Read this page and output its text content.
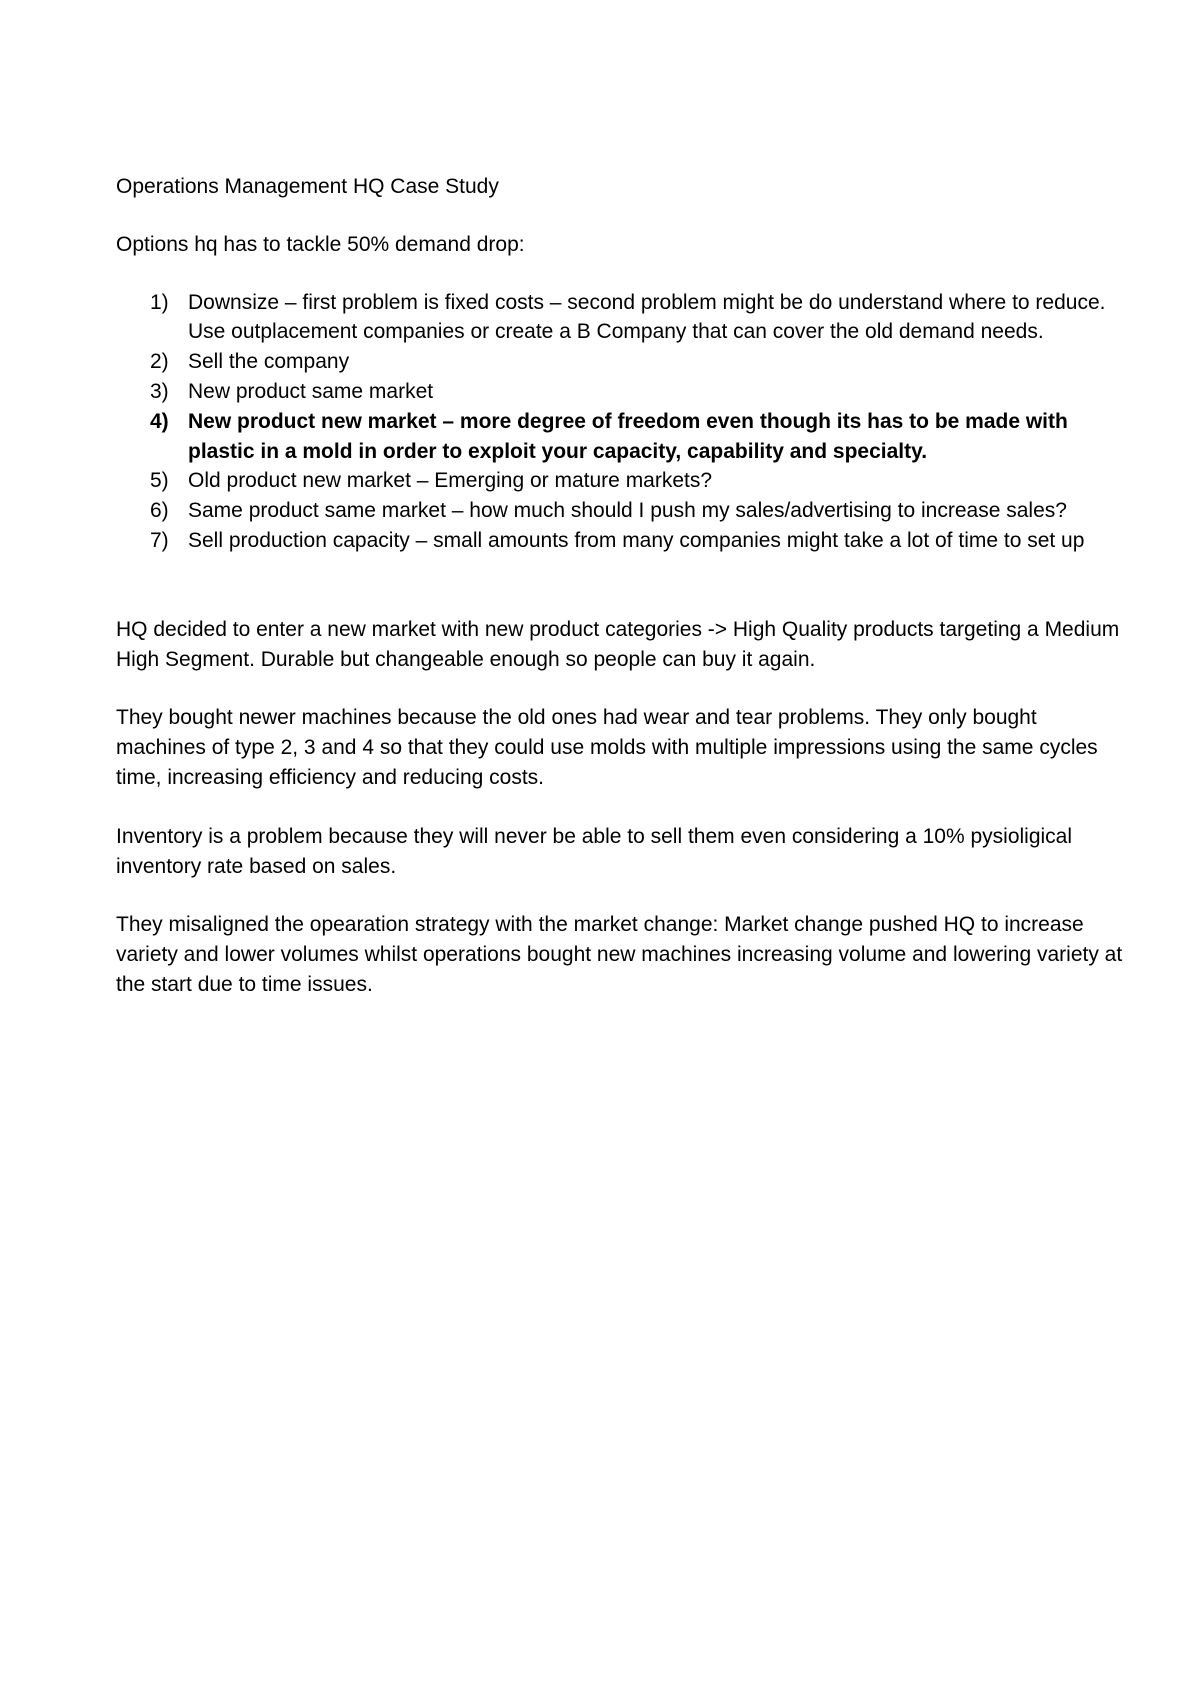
Operations Management HQ Case Study
Options hq has to tackle 50% demand drop:
1) Downsize – first problem is fixed costs – second problem might be do understand where to reduce. Use outplacement companies or create a B Company that can cover the old demand needs.
2) Sell the company
3) New product same market
4) New product new market – more degree of freedom even though its has to be made with plastic in a mold in order to exploit your capacity, capability and specialty.
5) Old product new market – Emerging or mature markets?
6) Same product same market – how much should I push my sales/advertising to increase sales?
7) Sell production capacity – small amounts from many companies might take a lot of time to set up

HQ decided to enter a new market with new product categories -> High Quality products targeting a Medium High Segment. Durable but changeable enough so people can buy it again.

They bought newer machines because the old ones had wear and tear problems. They only bought machines of type 2, 3 and 4 so that they could use molds with multiple impressions using the same cycles time, increasing efficiency and reducing costs.

Inventory is a problem because they will never be able to sell them even considering a 10% pysioligical inventory rate based on sales.

They misaligned the opearation strategy with the market change: Market change pushed HQ to increase variety and lower volumes whilst operations bought new machines increasing volume and lowering variety at the start due to time issues.
